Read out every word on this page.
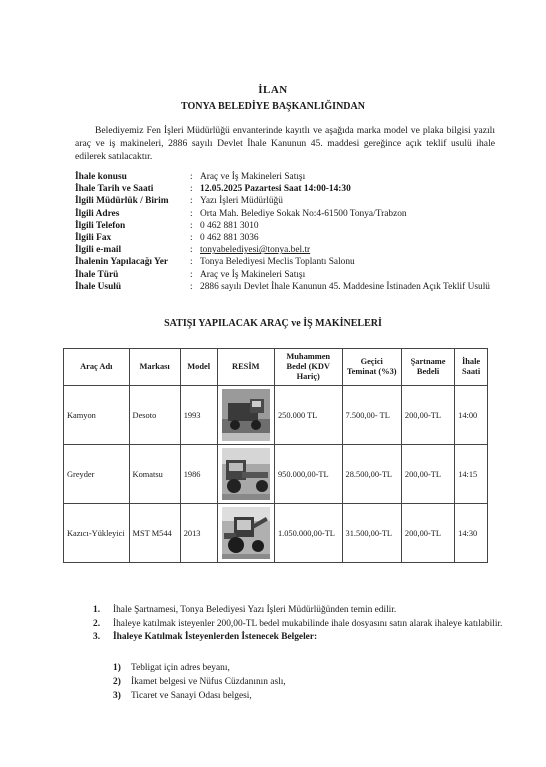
İLAN
TONYA BELEDİYE BAŞKANLIĞINDAN
Belediyemiz Fen İşleri Müdürlüğü envanterinde kayıtlı ve aşağıda marka model ve plaka bilgisi yazılı araç ve iş makineleri, 2886 sayılı Devlet İhale Kanunun 45. maddesi gereğince açık teklif usulü ihale edilerek satılacaktır.
İhale konusu	: Araç ve İş Makineleri Satışı
İhale Tarih ve Saati	: 12.05.2025 Pazartesi Saat 14:00-14:30
İlgili Müdürlük / Birim	: Yazı İşleri Müdürlüğü
İlgili Adres	: Orta Mah. Belediye Sokak No:4-61500 Tonya/Trabzon
İlgili Telefon	: 0 462 881 3010
İlgili Fax	: 0 462 881 3036
İlgili e-mail	: tonyabelediyesi@tonya.bel.tr
İhalenin Yapılacağı Yer	: Tonya Belediyesi Meclis Toplantı Salonu
İhale Türü	: Araç ve İş Makineleri Satışı
İhale Usulü	: 2886 sayılı Devlet İhale Kanunun 45. Maddesine İstinaden Açık Teklif Usulü
SATIŞI YAPILACAK ARAÇ ve İŞ MAKİNELERİ
Araç Adı	Markası	Model	RESİM	Muhammen Bedel (KDV Hariç)	Geçici Teminat (%3)	Şartname Bedeli	İhale Saati
Kamyon	Desoto	1993		250.000 TL	7.500,00- TL	200,00-TL	14:00
Greyder	Komatsu	1986		950.000,00-TL	28.500,00-TL	200,00-TL	14:15
Kazıcı-Yükleyici	MST M544	2013		1.050.000,00-TL	31.500,00-TL	200,00-TL	14:30
1.	İhale Şartnamesi, Tonya Belediyesi Yazı İşleri Müdürlüğünden temin edilir.
2.	İhaleye katılmak isteyenler 200,00-TL bedel mukabilinde ihale dosyasını satın alarak ihaleye katılabilir.
3.	İhaleye Katılmak İsteyenlerden İstenecek Belgeler:
1)	Tebligat için adres beyanı,
2)	İkamet belgesi ve Nüfus Cüzdanının aslı,
3)	Ticaret ve Sanayi Odası belgesi,
